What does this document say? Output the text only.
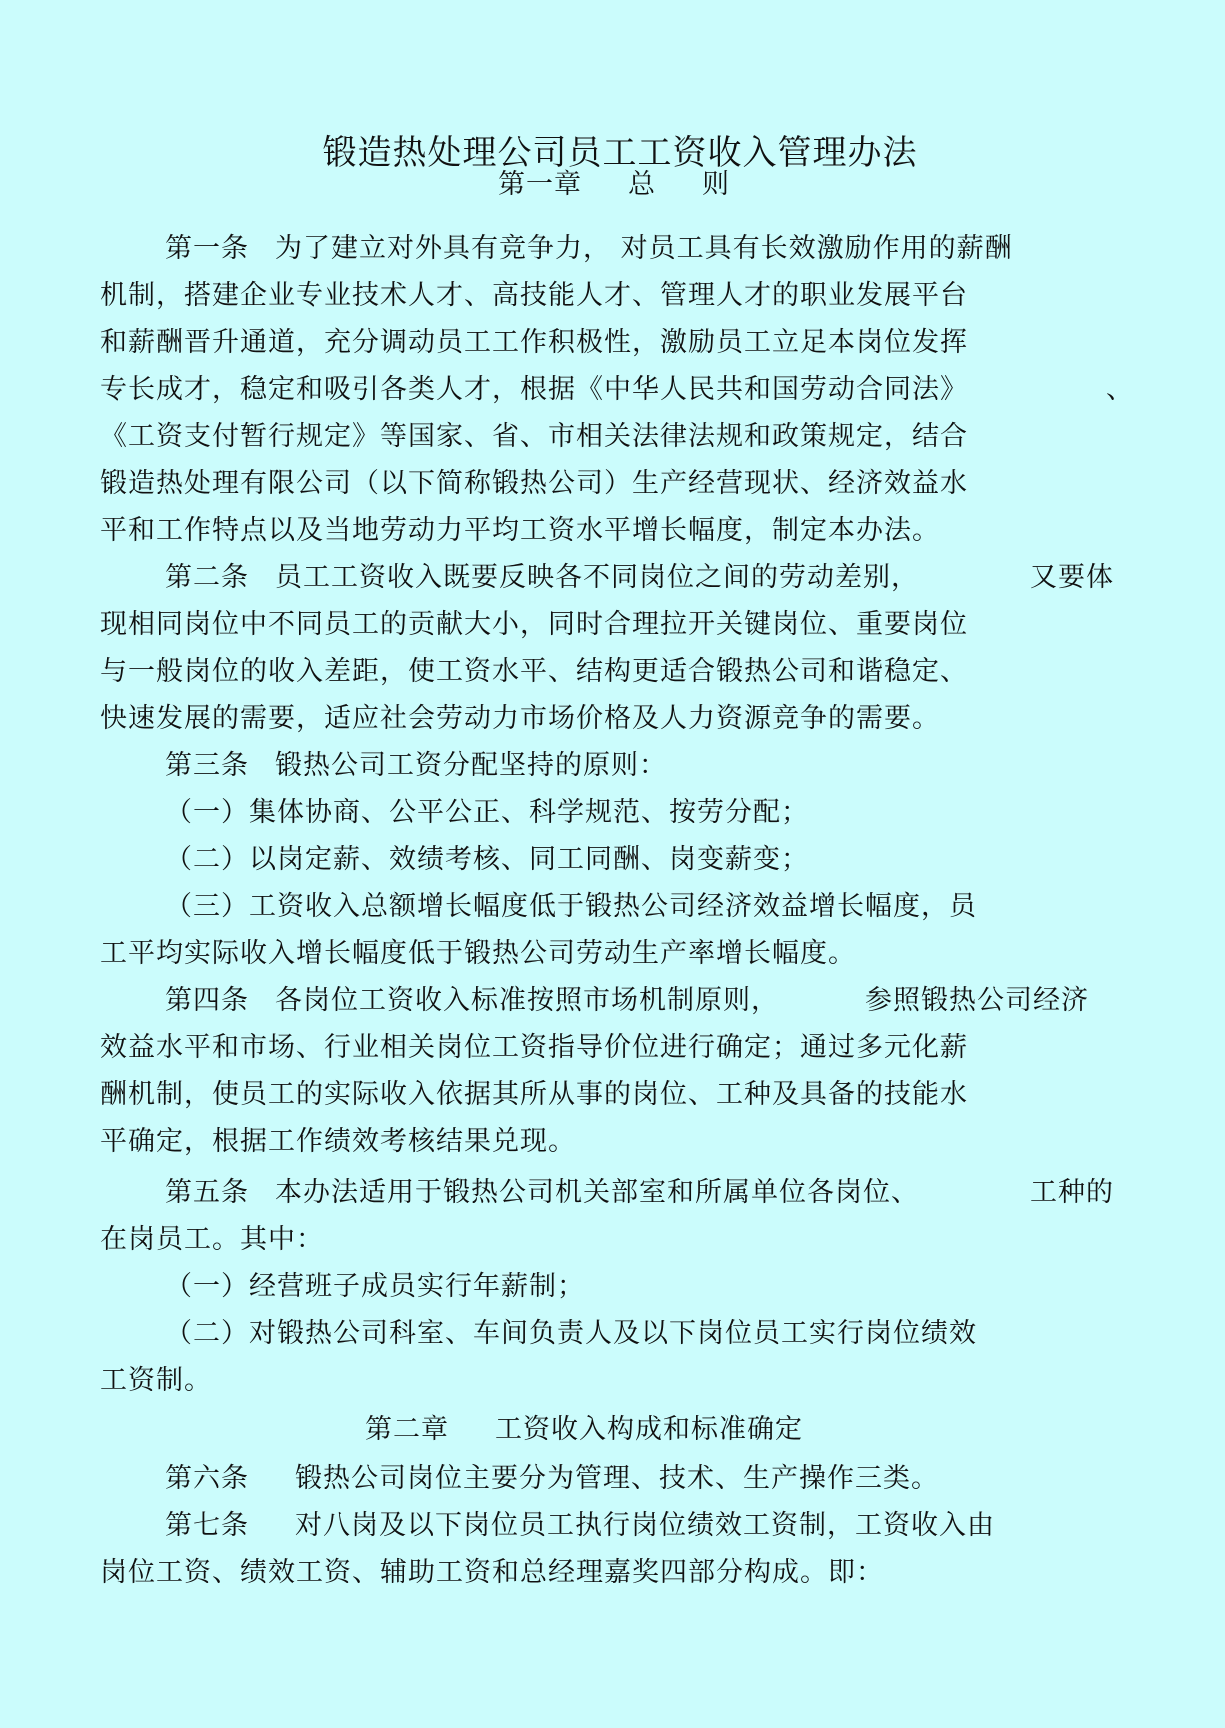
锻造热处理公司员工工资收入管理办法
第一章 总 则
第一条 为了建立对外具有竞争力， 对员工具有长效激励作用的薪酬
机制，搭建企业专业技术人才、高技能人才、管理人才的职业发展平台
和薪酬晋升通道，充分调动员工工作积极性，激励员工立足本岗位发挥
专长成才，稳定和吸引各类人才，根据《中华人民共和国劳动合同法》	、
《工资支付暂行规定》等国家、省、市相关法律法规和政策规定，结合
锻造热处理有限公司（以下简称锻热公司）生产经营现状、经济效益水
平和工作特点以及当地劳动力平均工资水平增长幅度，制定本办法。
第二条 员工工资收入既要反映各不同岗位之间的劳动差别，	又要体
现相同岗位中不同员工的贡献大小，同时合理拉开关键岗位、重要岗位
与一般岗位的收入差距，使工资水平、结构更适合锻热公司和谐稳定、
快速发展的需要，适应社会劳动力市场价格及人力资源竞争的需要。
第三条 锻热公司工资分配坚持的原则：
（一）集体协商、公平公正、科学规范、按劳分配；
（二）以岗定薪、效绩考核、同工同酬、岗变薪变；
（三）工资收入总额增长幅度低于锻热公司经济效益增长幅度，员
工平均实际收入增长幅度低于锻热公司劳动生产率增长幅度。
第四条 各岗位工资收入标准按照市场机制原则，	参照锻热公司经济
效益水平和市场、行业相关岗位工资指导价位进行确定；通过多元化薪
酬机制，使员工的实际收入依据其所从事的岗位、工种及具备的技能水
平确定，根据工作绩效考核结果兑现。
第五条 本办法适用于锻热公司机关部室和所属单位各岗位、	工种的
在岗员工。其中：
（一）经营班子成员实行年薪制；
（二）对锻热公司科室、车间负责人及以下岗位员工实行岗位绩效
工资制。
第二章 工资收入构成和标准确定
第六条 锻热公司岗位主要分为管理、技术、生产操作三类。
第七条 对八岗及以下岗位员工执行岗位绩效工资制，工资收入由
岗位工资、绩效工资、辅助工资和总经理嘉奖四部分构成。即：
